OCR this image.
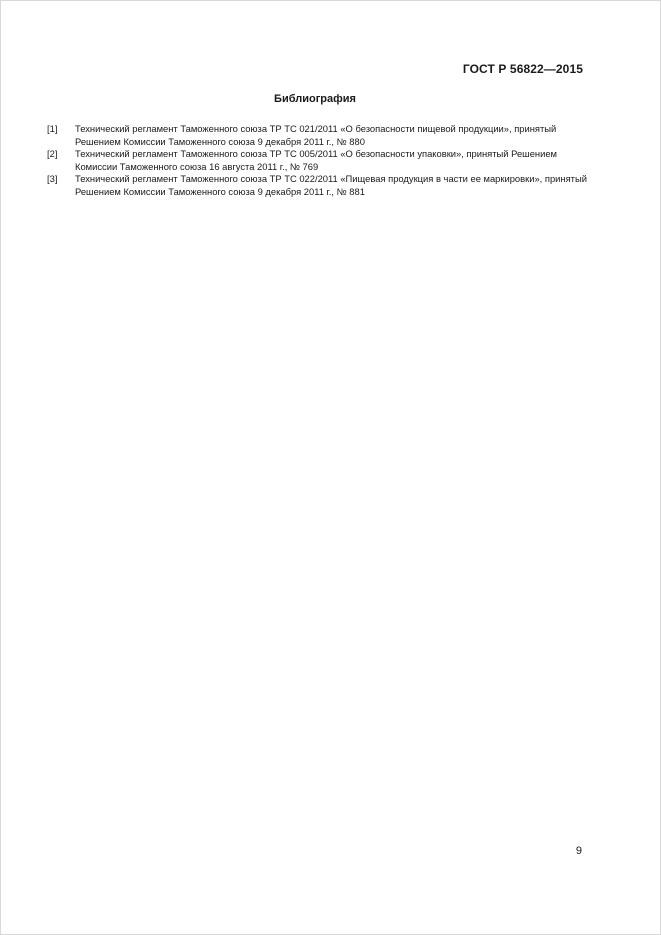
ГОСТ Р 56822—2015
Библиография
[1]	Технический регламент Таможенного союза ТР ТС 021/2011 «О безопасности пищевой продукции», принятый Решением Комиссии Таможенного союза 9 декабря 2011 г., № 880
[2]	Технический регламент Таможенного союза ТР ТС 005/2011 «О безопасности упаковки», принятый Решением Комиссии Таможенного союза 16 августа 2011 г., № 769
[3]	Технический регламент Таможенного союза ТР ТС 022/2011 «Пищевая продукция в части ее маркировки», принятый Решением Комиссии Таможенного союза 9 декабря 2011 г., № 881
9
